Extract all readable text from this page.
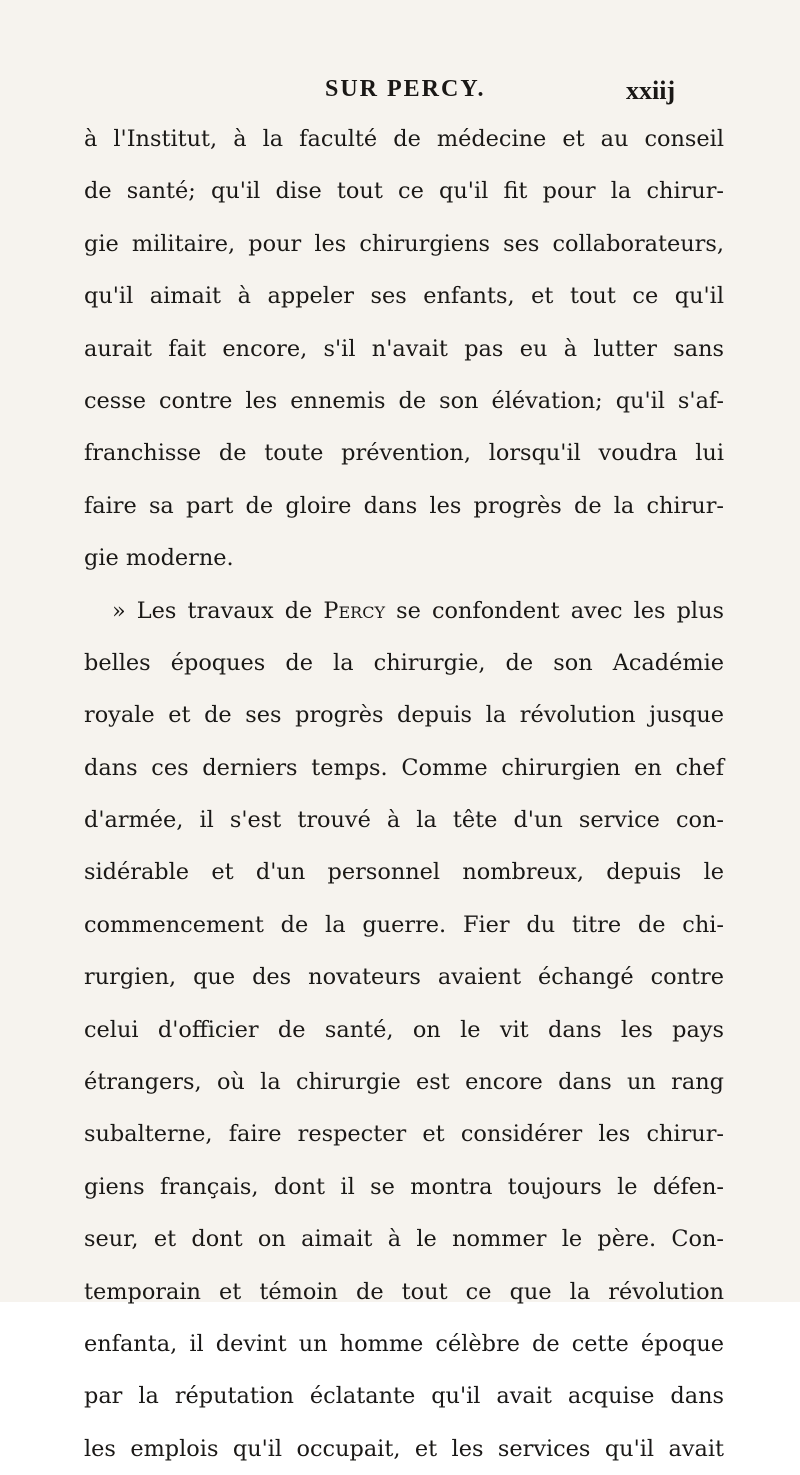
SUR PERCY.	xxiij
à l'Institut, à la faculté de médecine et au conseil
de santé; qu'il dise tout ce qu'il fit pour la chirur-
gie militaire, pour les chirurgiens ses collaborateurs,
qu'il aimait à appeler ses enfants, et tout ce qu'il
aurait fait encore, s'il n'avait pas eu à lutter sans
cesse contre les ennemis de son élévation; qu'il s'af-
franchisse de toute prévention, lorsqu'il voudra lui
faire sa part de gloire dans les progrès de la chirur-
gie moderne.
» Les travaux de Percy se confondent avec les plus
belles époques de la chirurgie, de son Académie
royale et de ses progrès depuis la révolution jusque
dans ces derniers temps. Comme chirurgien en chef
d'armée, il s'est trouvé à la tête d'un service con-
sidérable et d'un personnel nombreux, depuis le
commencement de la guerre. Fier du titre de chi-
rurgien, que des novateurs avaient échangé contre
celui d'officier de santé, on le vit dans les pays
étrangers, où la chirurgie est encore dans un rang
subalterne, faire respecter et considérer les chirur-
giens français, dont il se montra toujours le défen-
seur, et dont on aimait à le nommer le père. Con-
temporain et témoin de tout ce que la révolution
enfanta, il devint un homme célèbre de cette époque
par la réputation éclatante qu'il avait acquise dans
les emplois qu'il occupait, et les services qu'il avait
